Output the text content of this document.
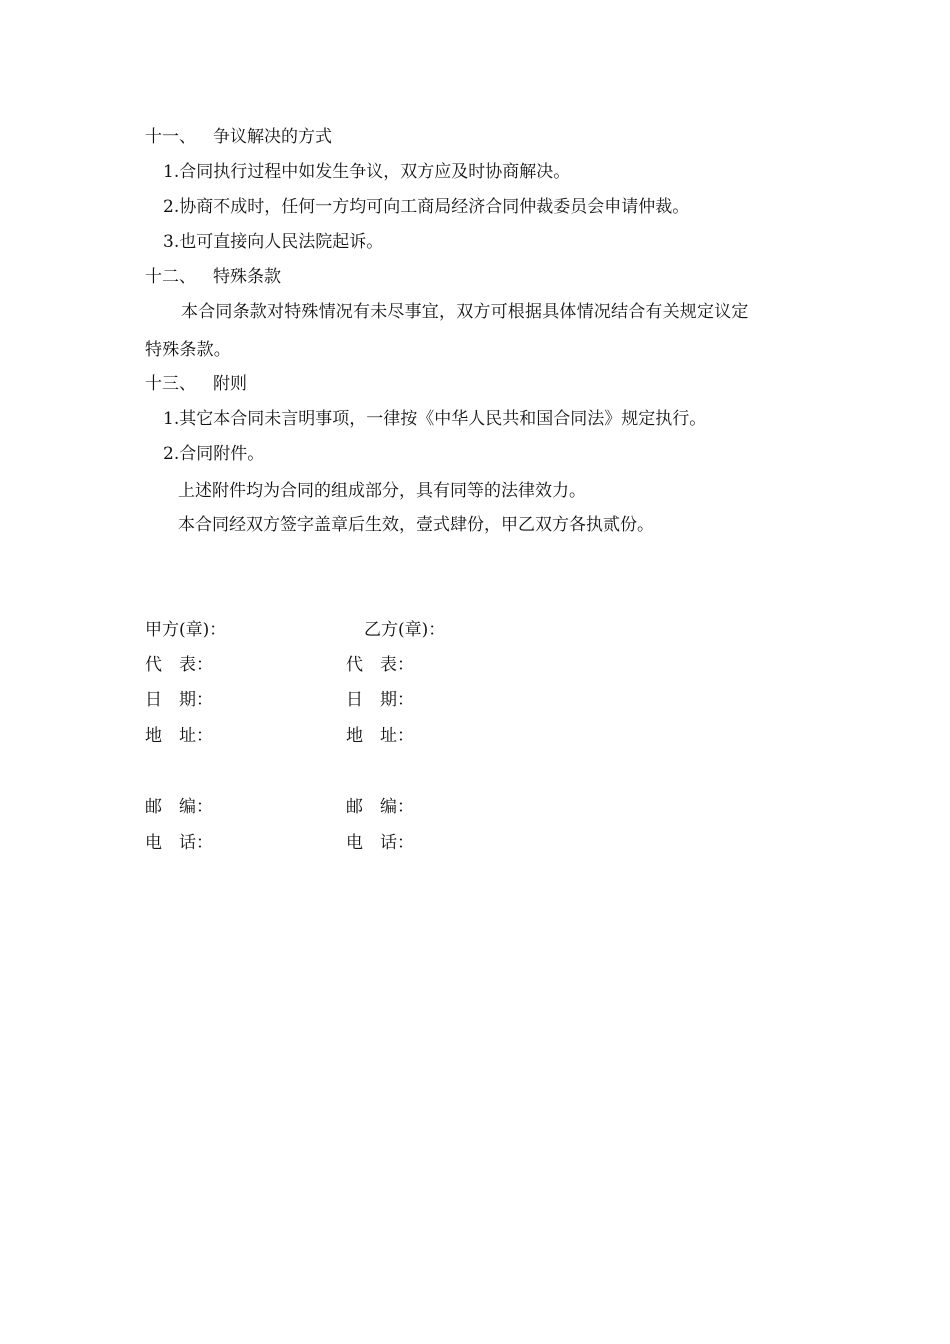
十一、 争议解决的方式
1.合同执行过程中如发生争议，双方应及时协商解决。
2.协商不成时，任何一方均可向工商局经济合同仲裁委员会申请仲裁。
3.也可直接向人民法院起诉。
十二、 特殊条款
本合同条款对特殊情况有未尽事宜，双方可根据具体情况结合有关规定议定
特殊条款。
十三、 附则
1.其它本合同未言明事项，一律按《中华人民共和国合同法》规定执行。
2.合同附件。
上述附件均为合同的组成部分，具有同等的法律效力。
本合同经双方签字盖章后生效，壹式肆份，甲乙双方各执贰份。
甲方(章)：
代　表：
日　期：
地　址：
邮　编：
电　话：
乙方(章)：
代　表：
日　期：
地　址：
邮　编：
电　话：
